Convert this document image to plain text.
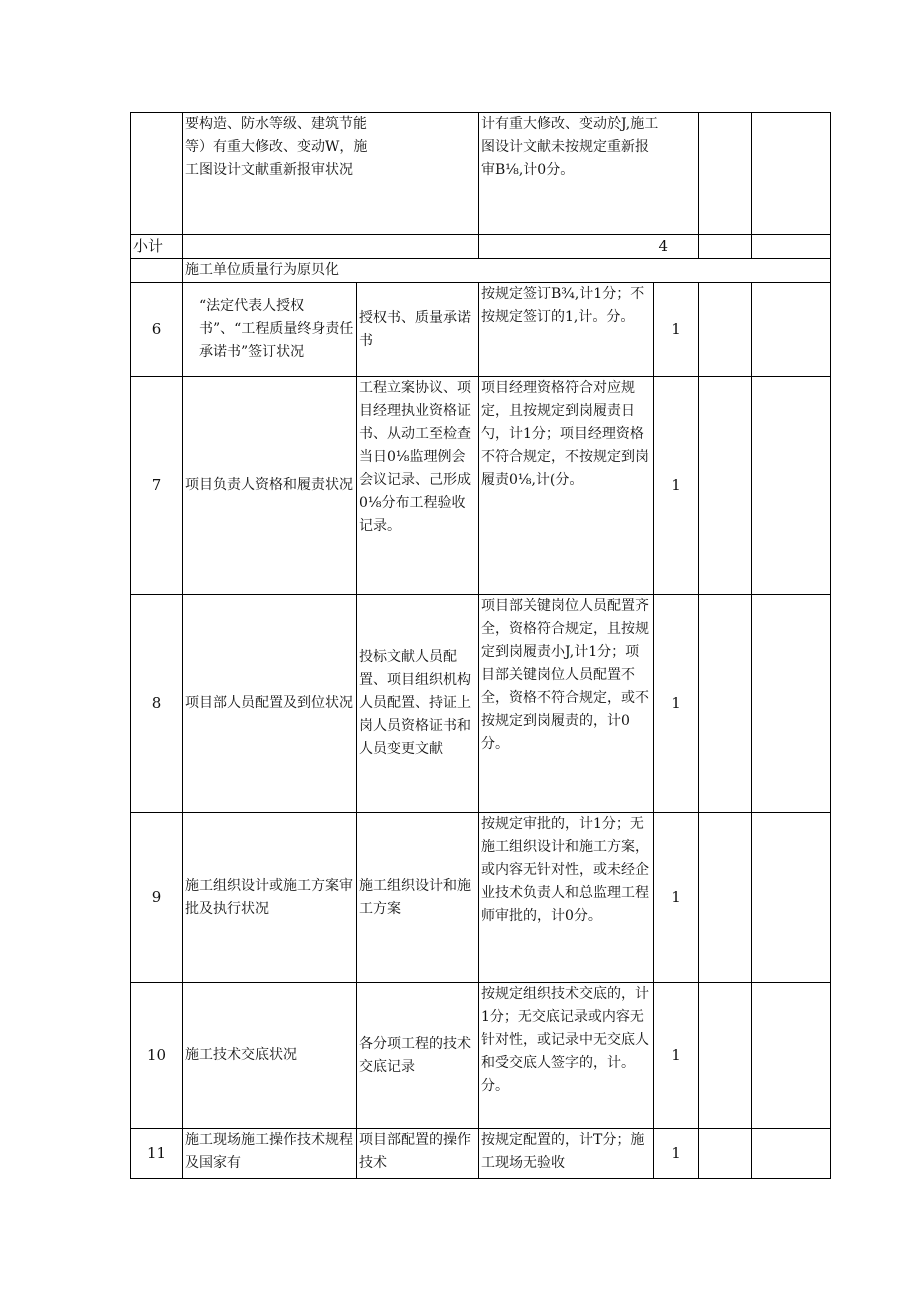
	要构造、防水等级、建筑节能等）有重大修改、变动W，施工图设计文献重新报审状况		计有重大修改、变动於J,施工图设计文献未按规定重新报审B⅛,计0分。			

小计			4			
	施工单位质量行为原贝化					
6	“法定代表人授权书”、“工程质量终身责任承诺书”签订状况	授权书、质量承诺书	按规定签订B¾,计1分；不按规定签订的1,计。分。	1		
7	项目负责人资格和履责状况	工程立案协议、项目经理执业资格证书、从动工至检查当日0⅛监理例会会议记录、己形成0⅛分布工程验收记录。	项目经理资格符合对应规定，且按规定到岗履责日勺，计1分；项目经理资格不符合规定，不按规定到岗履责0⅛,计(分。	1		
8	项目部人员配置及到位状况	投标文献人员配置、项目组织机构人员配置、持证上岗人员资格证书和人员变更文献	项目部关键岗位人员配置齐全，资格符合规定，且按规定到岗履责小J,计1分；项目部关键岗位人员配置不全，资格不符合规定，或不按规定到岗履责的，计0分。	1		
9	施工组织设计或施工方案审批及执行状况	施工组织设计和施工方案	按规定审批的，计1分；无施工组织设计和施工方案，或内容无针对性，或未经企业技术负责人和总监理工程师审批的，计0分。	1		
10	施工技术交底状况	各分项工程的技术交底记录	按规定组织技术交底的，计1分；无交底记录或内容无针对性，或记录中无交底人和受交底人签字的，计。分。	1		
11	施工现场施工操作技术规程及国家有	项目部配置的操作技术	按规定配置的，计T分；施工现场无验收	1		
